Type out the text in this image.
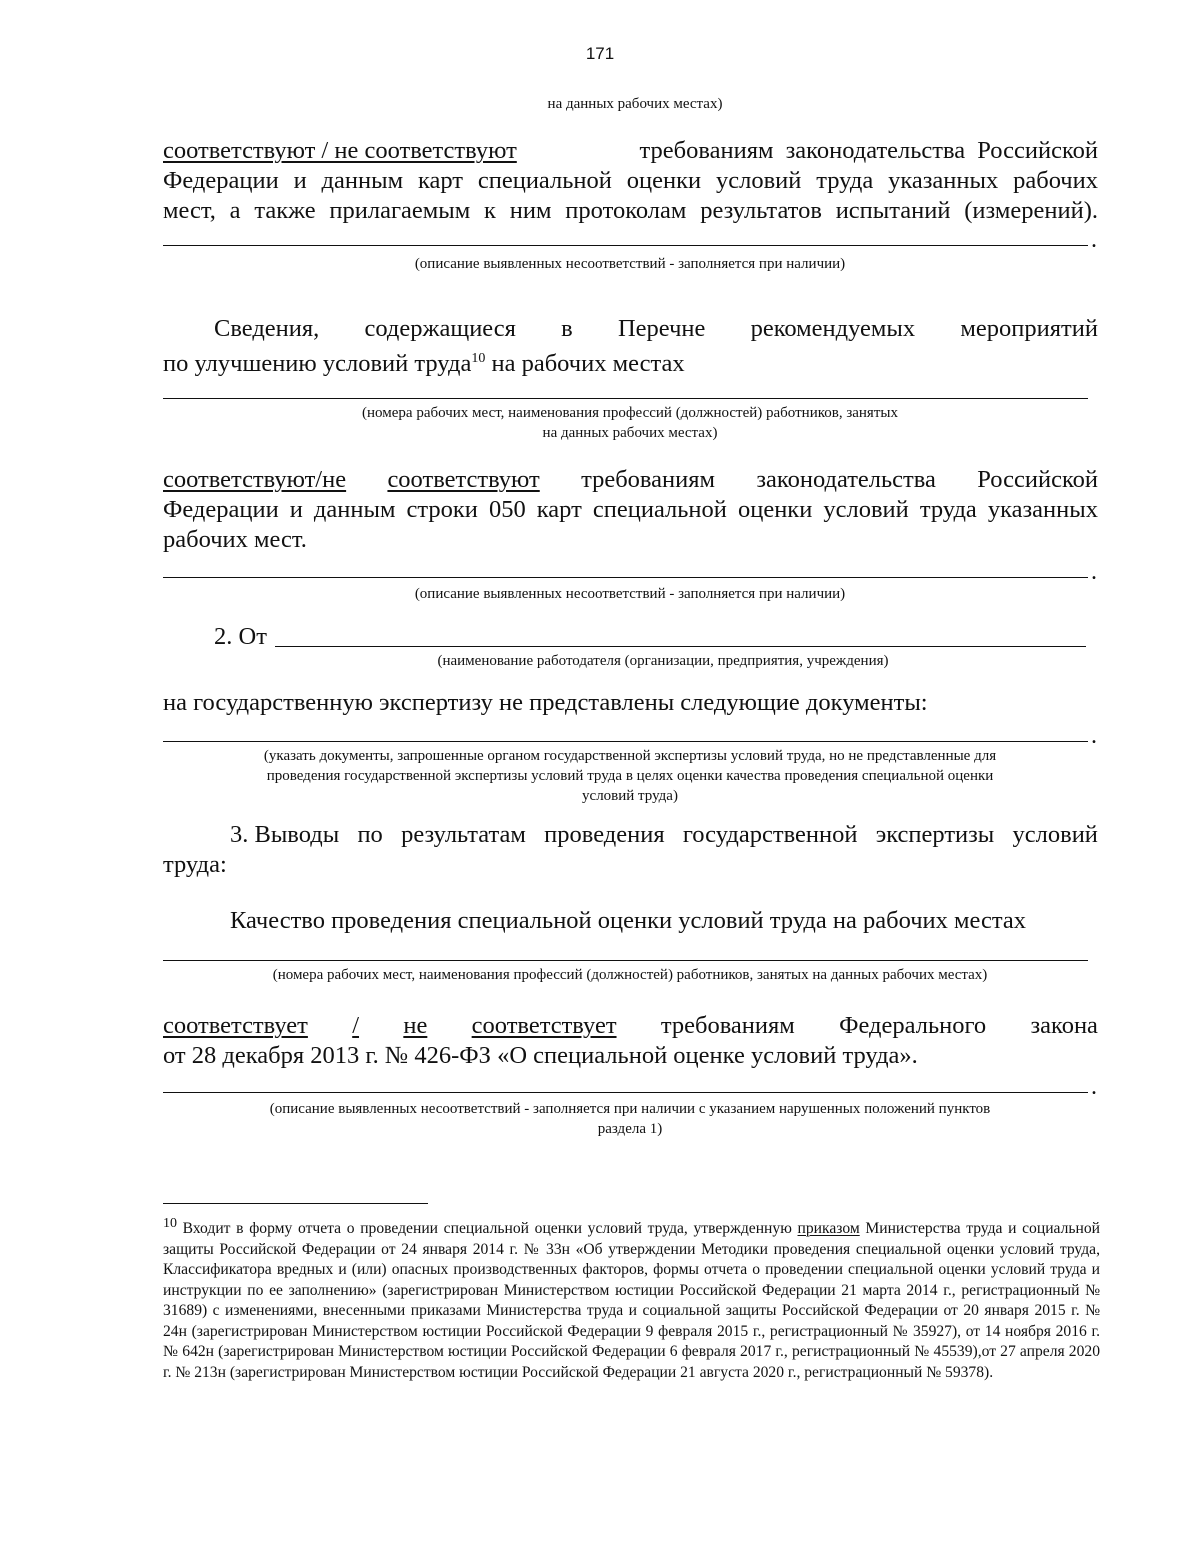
171
на данных рабочих местах)
соответствуют / не соответствуют	требованиям законодательства Российской
Федерации и данным карт специальной оценки условий труда указанных рабочих
мест, а также прилагаемым к ним протоколам результатов испытаний (измерений).
.
(описание выявленных несоответствий - заполняется при наличии)
Сведения, содержащиеся в Перечне рекомендуемых мероприятий
по улучшению условий труда$^{10}$ на рабочих местах
(номера рабочих мест, наименования профессий (должностей) работников, занятых
на данных рабочих местах)
соответствуют/не соответствуют требованиям законодательства Российской
Федерации и данным строки 050 карт специальной оценки условий труда указанных
рабочих мест.
.
(описание выявленных несоответствий - заполняется при наличии)
2. От
(наименование работодателя (организации, предприятия, учреждения)
на государственную экспертизу не представлены следующие документы:
.
(указать документы, запрошенные органом государственной экспертизы условий труда, но не представленные для
проведения государственной экспертизы условий труда в целях оценки качества проведения специальной оценки
условий труда)
3. Выводы по результатам проведения государственной экспертизы условий
труда:
Качество проведения специальной оценки условий труда на рабочих местах
(номера рабочих мест, наименования профессий (должностей) работников, занятых на данных рабочих местах)
соответствует / не соответствует требованиям Федерального закона
от 28 декабря 2013 г. № 426-ФЗ «О специальной оценке условий труда».
.
(описание выявленных несоответствий - заполняется при наличии с указанием нарушенных положений пунктов
раздела 1)
$^{10}$ Входит в форму отчета о проведении специальной оценки условий труда, утвержденную приказом Министерства труда и социальной защиты Российской Федерации от 24 января 2014 г. № 33н «Об утверждении Методики проведения специальной оценки условий труда, Классификатора вредных и (или) опасных производственных факторов, формы отчета о проведении специальной оценки условий труда и инструкции по ее заполнению» (зарегистрирован Министерством юстиции Российской Федерации 21 марта 2014 г., регистрационный № 31689) с изменениями, внесенными приказами Министерства труда и социальной защиты Российской Федерации от 20 января 2015 г. № 24н (зарегистрирован Министерством юстиции Российской Федерации 9 февраля 2015 г., регистрационный № 35927), от 14 ноября 2016 г. № 642н (зарегистрирован Министерством юстиции Российской Федерации 6 февраля 2017 г., регистрационный № 45539),от 27 апреля 2020 г. № 213н (зарегистрирован Министерством юстиции Российской Федерации 21 августа 2020 г., регистрационный № 59378).
